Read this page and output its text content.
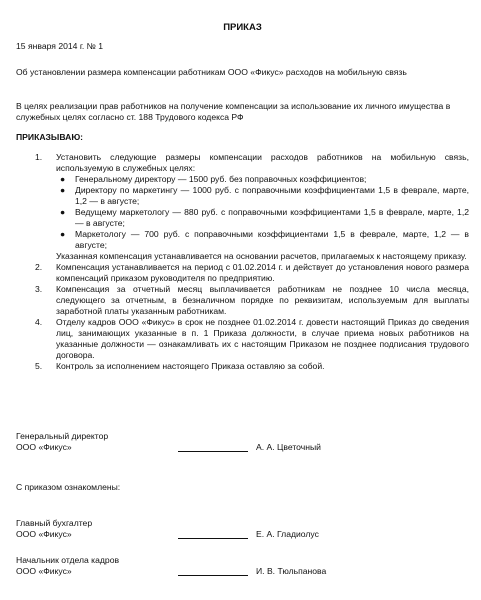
ПРИКАЗ
15 января 2014 г. № 1
Об установлении размера компенсации работникам ООО «Фикус» расходов на мобильную связь
В целях реализации прав работников на получение компенсации за использование их личного имущества в служебных целях согласно ст. 188 Трудового кодекса РФ
ПРИКАЗЫВАЮ:
1. Установить следующие размеры компенсации расходов работников на мобильную связь, используемую в служебных целях:
● Генеральному директору — 1500 руб. без поправочных коэффициентов;
● Директору по маркетингу — 1000 руб. с поправочными коэффициентами 1,5 в феврале, марте, 1,2 — в августе;
● Ведущему маркетологу — 880 руб. с поправочными коэффициентами 1,5 в феврале, марте, 1,2 — в августе;
● Маркетологу — 700 руб. с поправочными коэффициентами 1,5 в феврале, марте, 1,2 — в августе;
Указанная компенсация устанавливается на основании расчетов, прилагаемых к настоящему приказу.
2. Компенсация устанавливается на период с 01.02.2014 г. и действует до установления нового размера компенсаций приказом руководителя по предприятию.
3. Компенсация за отчетный месяц выплачивается работникам не позднее 10 числа месяца, следующего за отчетным, в безналичном порядке по реквизитам, используемым для выплаты заработной платы указанным работникам.
4. Отделу кадров ООО «Фикус» в срок не позднее 01.02.2014 г. довести настоящий Приказ до сведения лиц, занимающих указанные в п. 1 Приказа должности, в случае приема новых работников на указанные должности — ознакамливать их с настоящим Приказом не позднее подписания трудового договора.
5. Контроль за исполнением настоящего Приказа оставляю за собой.
Генеральный директор
ООО «Фикус»	А. А. Цветочный
С приказом ознакомлены:
Главный бухгалтер
ООО «Фикус»	Е. А. Гладиолус
Начальник отдела кадров
ООО «Фикус»	И. В. Тюльпанова
